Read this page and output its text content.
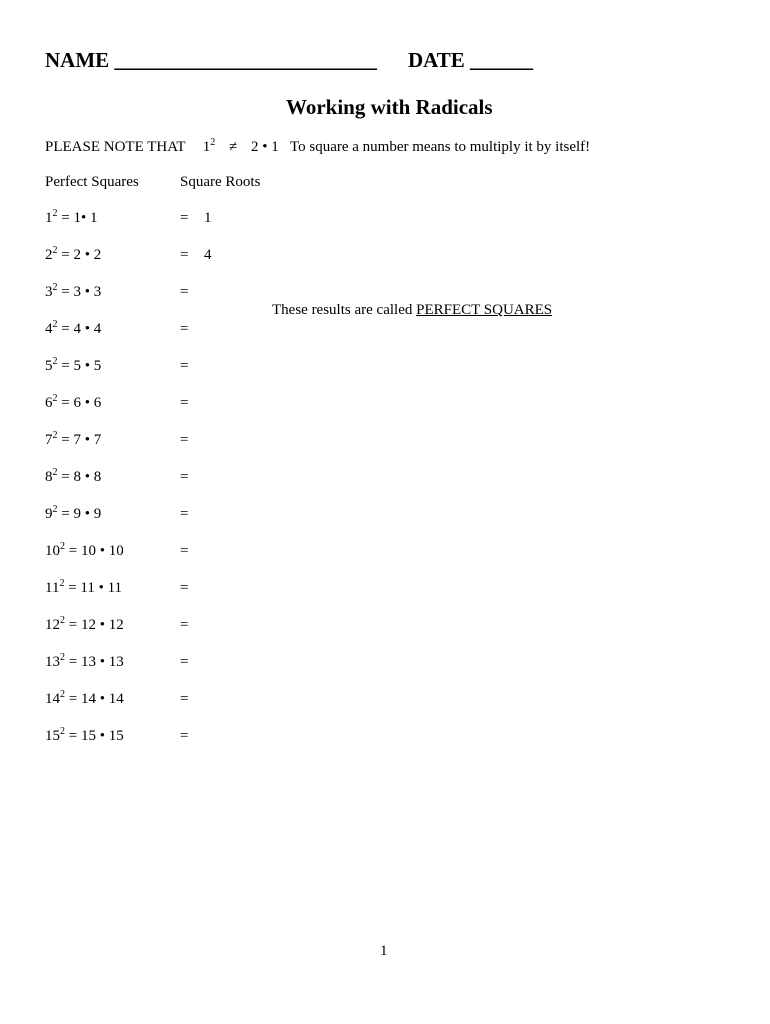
NAME _________________________ DATE ______
Working with Radicals
PLEASE NOTE THAT $1^2 \ne 2$ • 1 To square a number means to multiply it by itself!
Perfect Squares	Square Roots
$1^2$ = 1• 1	= 1
$2^2 = 2$ • 2	= 4
$3^2 = 3$ • 3	=
$4^2 = 4$ • 4	=
$5^2 = 5$ • 5	=
$6^2 = 6$ • 6	=
$7^2 = 7$ • 7	=
$8^2 = 8$ • 8	=
$9^2 = 9$ • 9	=
$10^2 = 10$ • 10	=
$11^2 = 11$ • 11	=
$12^2 = 12$ • 12	=
$13^2 = 13$ • 13	=
$14^2 = 14$ • 14	=
$15^2 = 15$ • 15	=
These results are called PERFECT SQUARES
1
